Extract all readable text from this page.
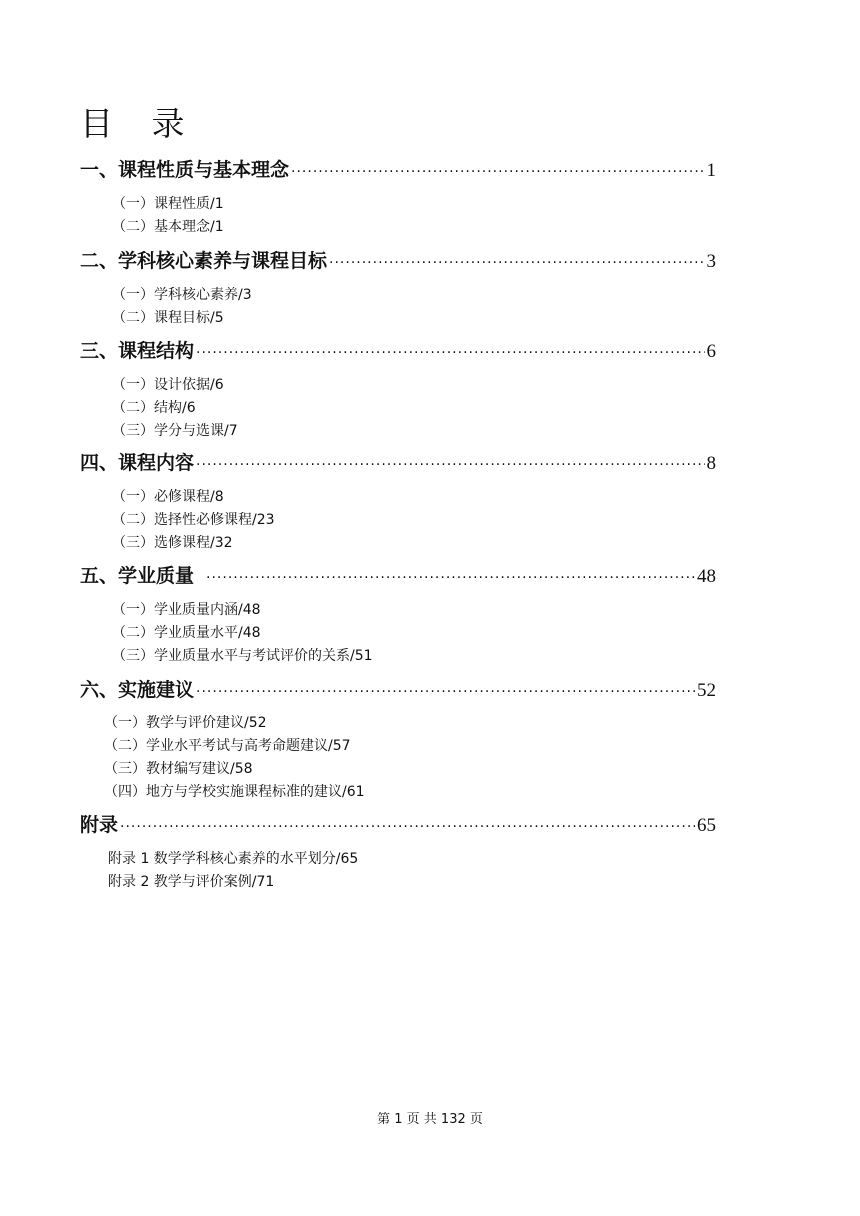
目 录
一、课程性质与基本理念 ·····	1
（一）课程性质/1
（二）基本理念/1
二、学科核心素养与课程目标 ·····	3
（一）学科核心素养/3
（二）课程目标/5
三、课程结构 ·····	6
（一）设计依据/6
（二）结构/6
（三）学分与选课/7
四、课程内容 ·····	8
（一）必修课程/8
（二）选择性必修课程/23
（三）选修课程/32
五、学业质量 ·····	48
（一）学业质量内涵/48
（二）学业质量水平/48
（三）学业质量水平与考试评价的关系/51
六、实施建议 ·····	52
（一）教学与评价建议/52
（二）学业水平考试与高考命题建议/57
（三）教材编写建议/58
（四）地方与学校实施课程标准的建议/61
附录 ·····	65
附录 1 数学学科核心素养的水平划分/65
附录 2 教学与评价案例/71
第 1 页 共 132 页
